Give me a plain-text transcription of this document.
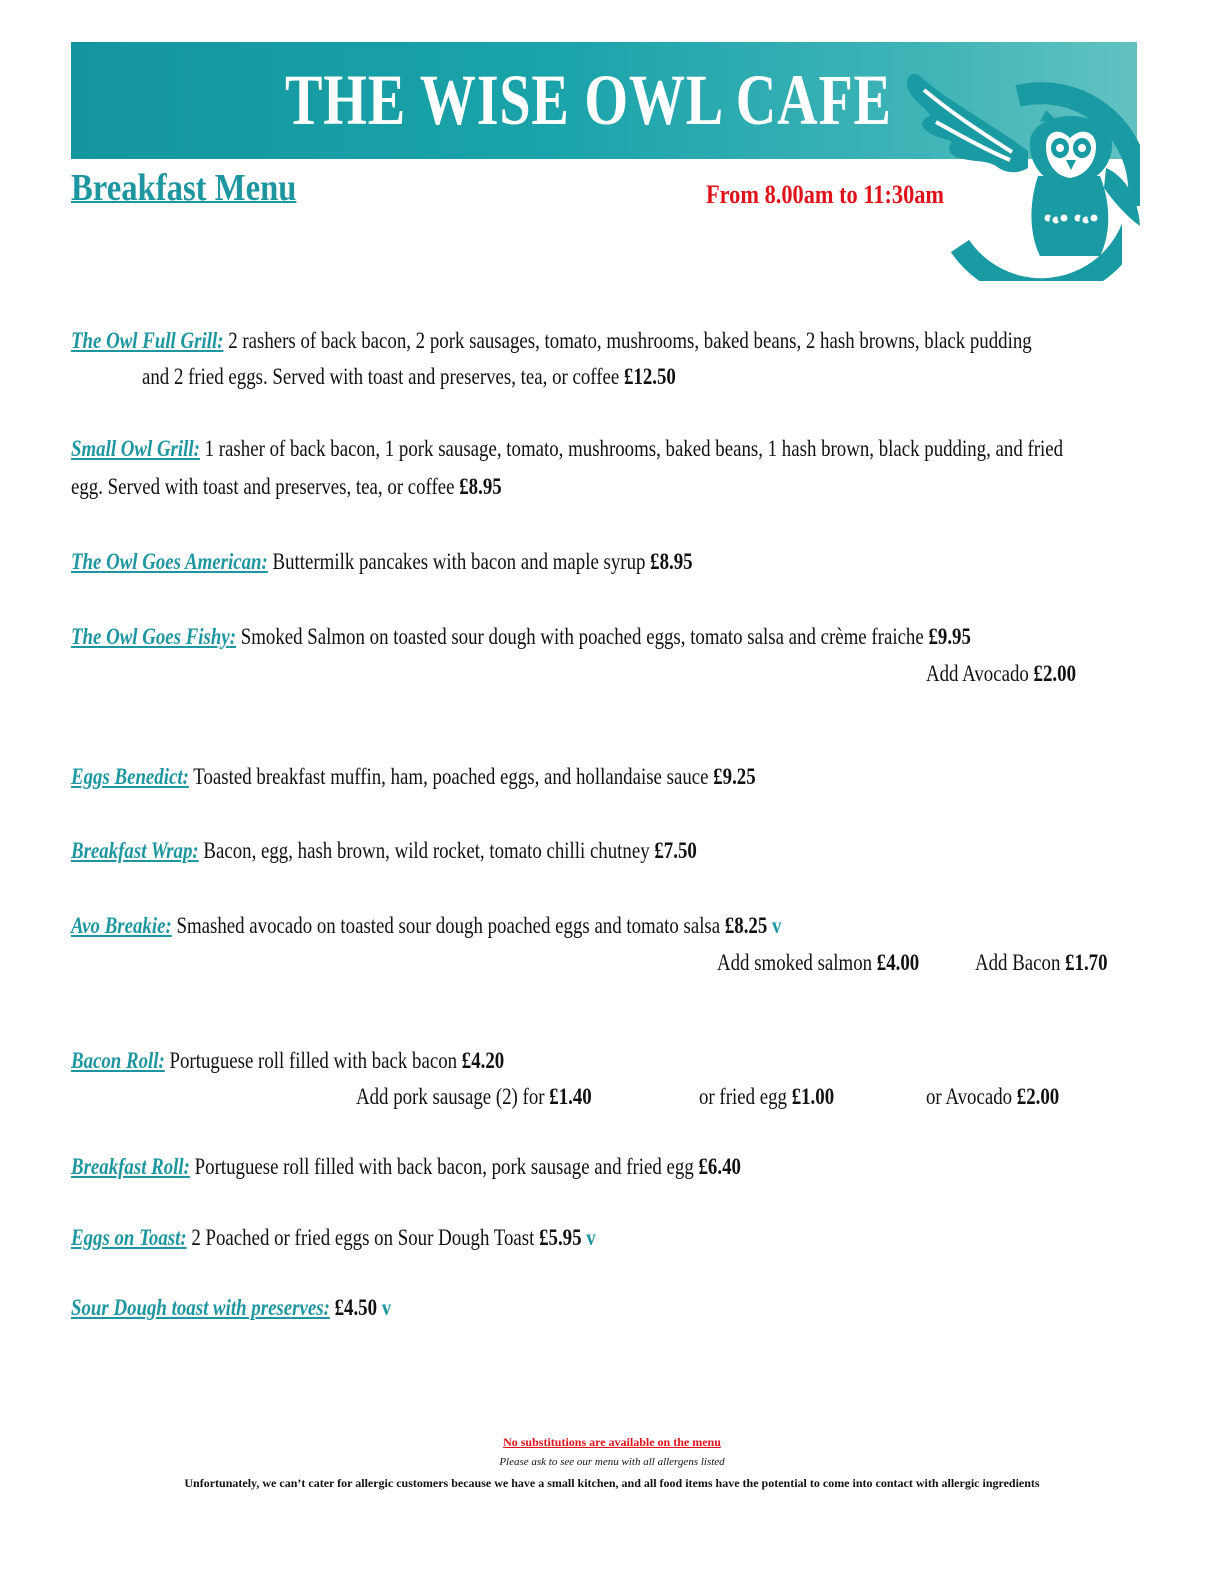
THE WISE OWL CAFE
Breakfast Menu	From 8.00am to 11:30am
The Owl Full Grill: 2 rashers of back bacon, 2 pork sausages, tomato, mushrooms, baked beans, 2 hash browns, black pudding
and 2 fried eggs. Served with toast and preserves, tea, or coffee £12.50
Small Owl Grill: 1 rasher of back bacon, 1 pork sausage, tomato, mushrooms, baked beans, 1 hash brown, black pudding, and fried
egg. Served with toast and preserves, tea, or coffee £8.95
The Owl Goes American: Buttermilk pancakes with bacon and maple syrup £8.95
The Owl Goes Fishy: Smoked Salmon on toasted sour dough with poached eggs, tomato salsa and crème fraiche £9.95
Add Avocado £2.00
Eggs Benedict: Toasted breakfast muffin, ham, poached eggs, and hollandaise sauce £9.25
Breakfast Wrap: Bacon, egg, hash brown, wild rocket, tomato chilli chutney £7.50
Avo Breakie: Smashed avocado on toasted sour dough poached eggs and tomato salsa £8.25 v
Add smoked salmon £4.00 Add Bacon £1.70
Bacon Roll: Portuguese roll filled with back bacon £4.20
Add pork sausage (2) for £1.40	or fried egg £1.00	or Avocado £2.00
Breakfast Roll: Portuguese roll filled with back bacon, pork sausage and fried egg £6.40
Eggs on Toast: 2 Poached or fried eggs on Sour Dough Toast £5.95 v
Sour Dough toast with preserves: £4.50 v
No substitutions are available on the menu
Please ask to see our menu with all allergens listed
Unfortunately, we can’t cater for allergic customers because we have a small kitchen, and all food items have the potential to come into contact with allergic ingredients
